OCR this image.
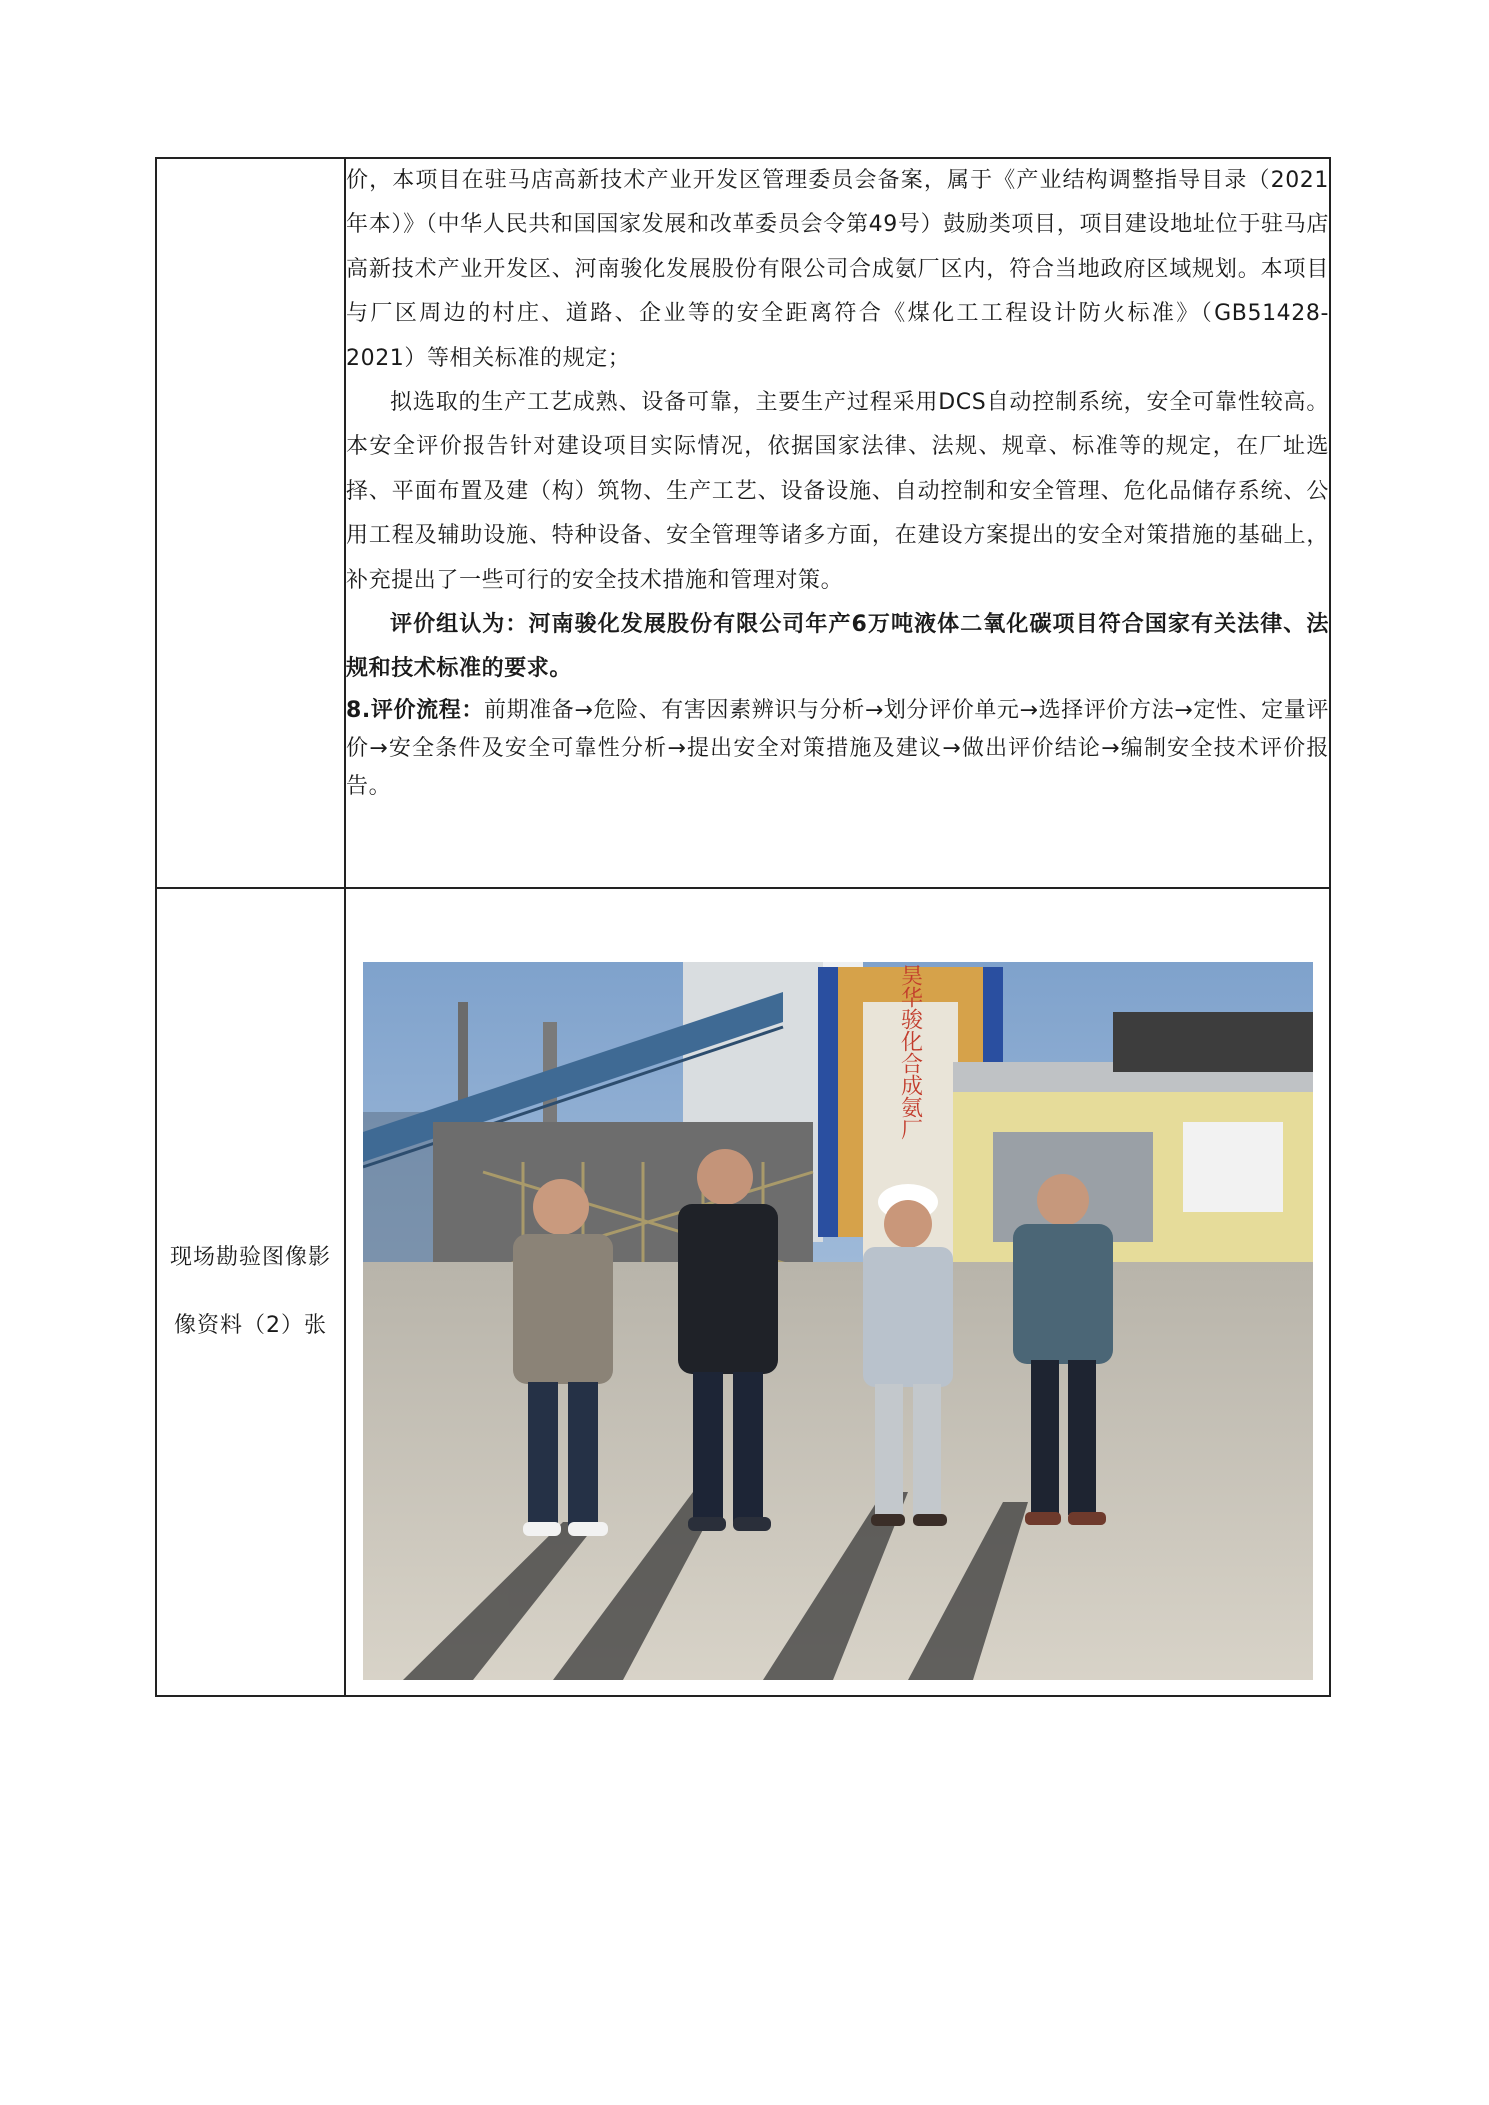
	价，本项目在驻马店高新技术产业开发区管理委员会备案，属于《产业结构调整指导目录（2021年本）》（中华人民共和国国家发展和改革委员会令第49号）鼓励类项目，项目建设地址位于驻马店高新技术产业开发区、河南骏化发展股份有限公司合成氨厂区内，符合当地政府区域规划。本项目与厂区周边的村庄、道路、企业等的安全距离符合《煤化工工程设计防火标准》（GB51428-2021）等相关标准的规定；

拟选取的生产工艺成熟、设备可靠，主要生产过程采用DCS自动控制系统，安全可靠性较高。本安全评价报告针对建设项目实际情况，依据国家法律、法规、规章、标准等的规定，在厂址选择、平面布置及建（构）筑物、生产工艺、设备设施、自动控制和安全管理、危化品储存系统、公用工程及辅助设施、特种设备、安全管理等诸多方面，在建设方案提出的安全对策措施的基础上，补充提出了一些可行的安全技术措施和管理对策。

评价组认为：河南骏化发展股份有限公司年产6万吨液体二氧化碳项目符合国家有关法律、法规和技术标准的要求。

8.评价流程：前期准备→危险、有害因素辨识与分析→划分评价单元→选择评价方法→定性、定量评价→安全条件及安全可靠性分析→提出安全对策措施及建议→做出评价结论→编制安全技术评价报告。

现场勘验图像影像资料（2）张	昊华骏化合成氨厂
